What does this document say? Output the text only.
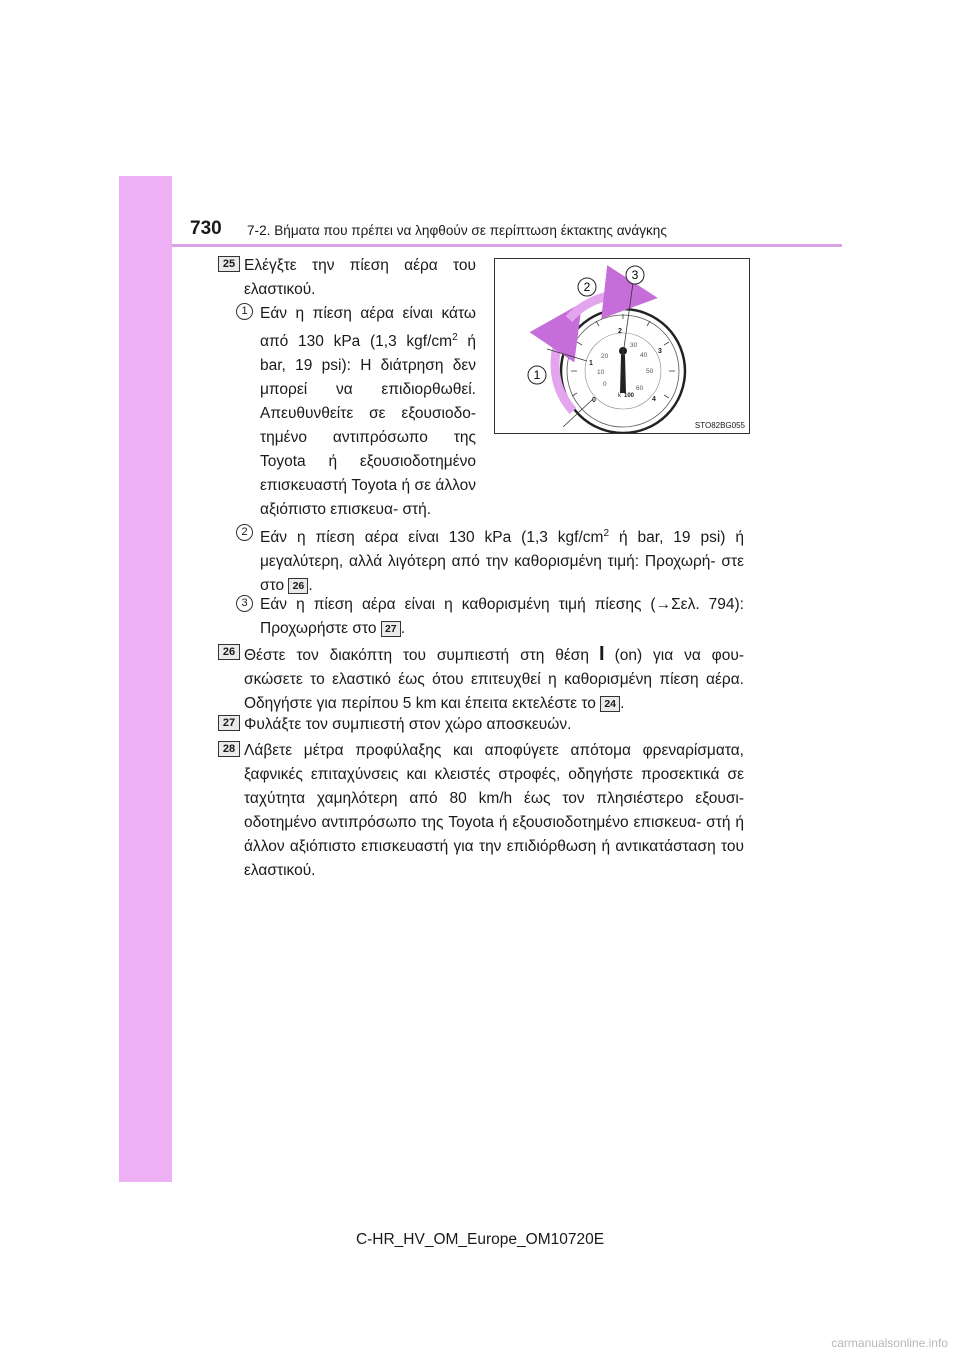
730 7-2. Βήματα που πρέπει να ληφθούν σε περίπτωση έκτακτης ανάγκης
25 Ελέγξτε την πίεση αέρα του ελαστικού.
1 Εάν η πίεση αέρα είναι κάτω από 130 kPa (1,3 kgf/$cm^2$ ή bar, 19 psi): Η διάτρηση δεν μπορεί να επιδιορθωθεί. Απευθυνθείτε σε εξουσιοδο- τημένο αντιπρόσωπο της Toyota ή εξουσιοδοτημένο επισκευαστή Toyota ή σε άλλον αξιόπιστο επισκευα- στή.
0
1
2
3
4
0
10
20
30
40
50
60
k 100
1
2
3
STO82BG055
2 Εάν η πίεση αέρα είναι 130 kPa (1,3 kgf/$cm^2$ ή bar, 19 psi) ή μεγαλύτερη, αλλά λιγότερη από την καθορισμένη τιμή: Προχωρή- στε στο 26 .
3 Εάν η πίεση αέρα είναι η καθορισμένη τιμή πίεσης (→Σελ. 794): Προχωρήστε στο 27 .
26 Θέστε τον διακόπτη του συμπιεστή στη θέση I (on) για να φου- σκώσετε το ελαστικό έως ότου επιτευχθεί η καθορισμένη πίεση αέρα. Οδηγήστε για περίπου 5 km και έπειτα εκτελέστε το 24 .
27 Φυλάξτε τον συμπιεστή στον χώρο αποσκευών.
28 Λάβετε μέτρα προφύλαξης και αποφύγετε απότομα φρεναρίσματα, ξαφνικές επιταχύνσεις και κλειστές στροφές, οδηγήστε προσεκτικά σε ταχύτητα χαμηλότερη από 80 km/h έως τον πλησιέστερο εξουσι- οδοτημένο αντιπρόσωπο της Toyota ή εξουσιοδοτημένο επισκευα- στή ή άλλον αξιόπιστο επισκευαστή για την επιδιόρθωση ή αντικατάσταση του ελαστικού.
C-HR_HV_OM_Europe_OM10720E
carmanualsonline.info
